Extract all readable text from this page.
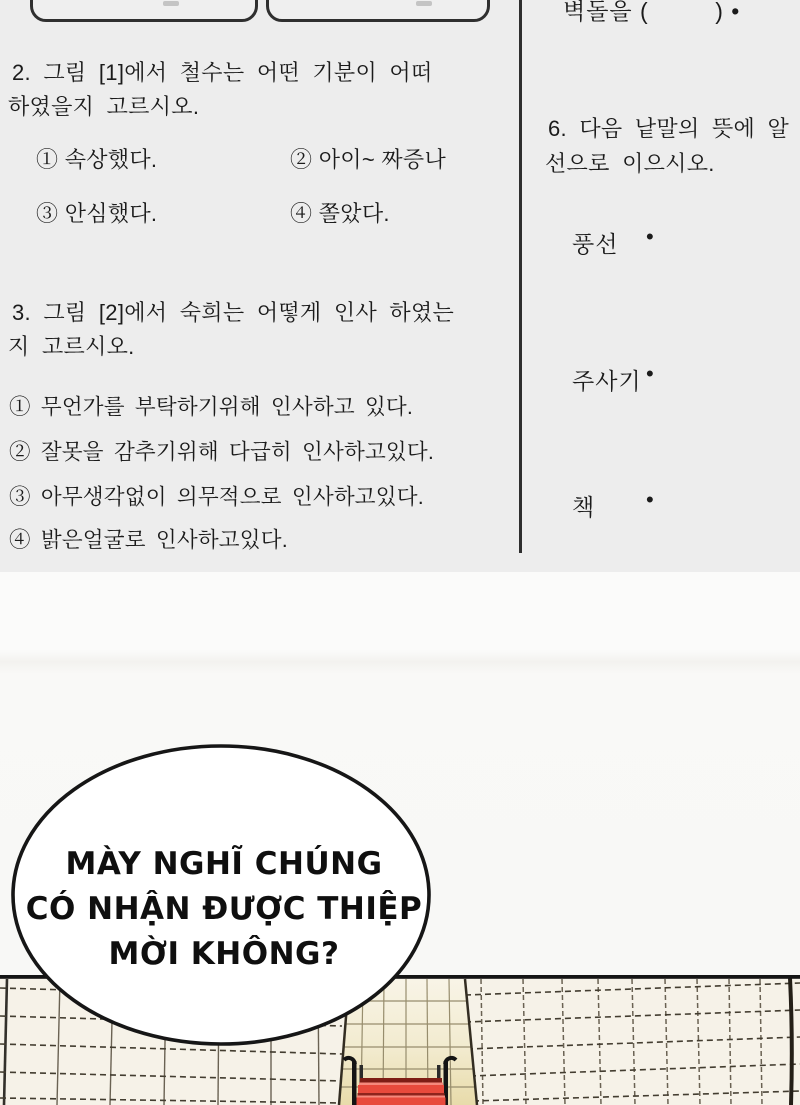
2. 그림 [1]에서 철수는 어떤 기분이 어떠
하였을지 고르시오.
① 속상했다.	② 아이~ 짜증나
③ 안심했다.	④ 쫄았다.
3. 그림 [2]에서 숙희는 어떻게 인사 하였는
지 고르시오.
① 무언가를 부탁하기위해 인사하고 있다.
② 잘못을 감추기위해 다급히 인사하고있다.
③ 아무생각없이 의무적으로 인사하고있다.
④ 밝은얼굴로 인사하고있다.
벽돌을 (         ) •
6. 다음 낱말의 뜻에 알
선으로 이으시오.
풍선 •
주사기 •
책 •
MÀY NGHĨ CHÚNG
CÓ NHẬN ĐƯỢC THIỆP
MỜI KHÔNG?
